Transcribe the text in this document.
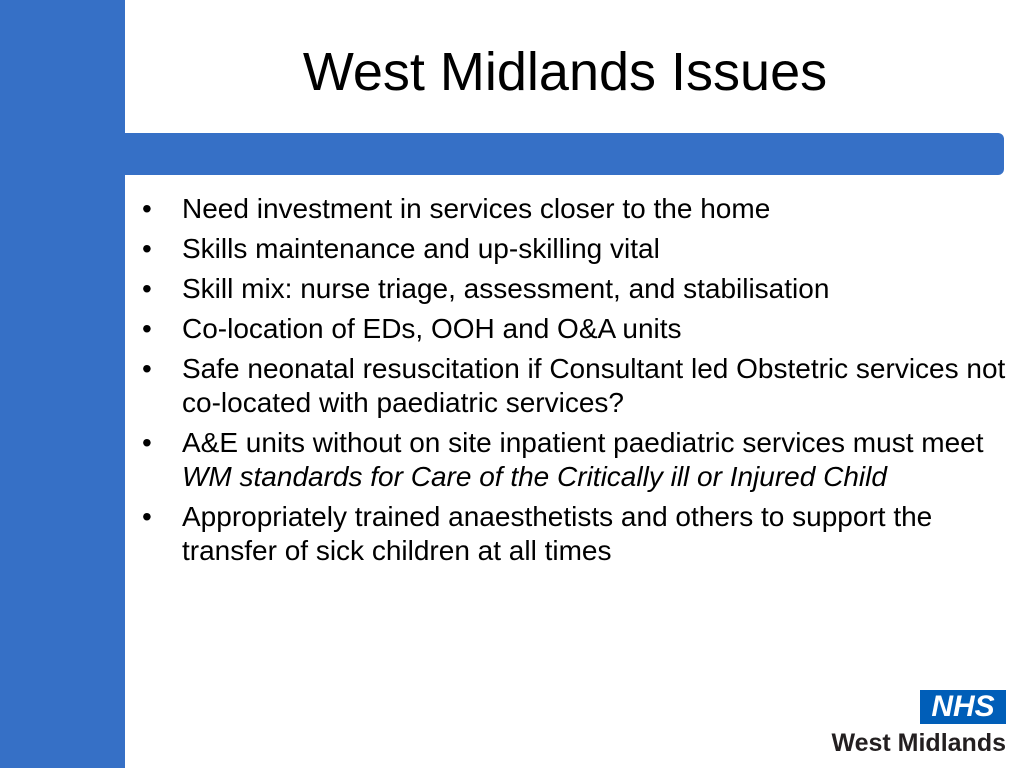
West Midlands Issues
• Need investment in services closer to the home
• Skills maintenance and up-skilling vital
• Skill mix: nurse triage, assessment, and stabilisation
• Co-location of EDs, OOH and O&A units
• Safe neonatal resuscitation if Consultant led Obstetric services not co-located with paediatric services?
• A&E units without on site inpatient paediatric services must meet WM standards for Care of the Critically ill or Injured Child
• Appropriately trained anaesthetists and others to support the transfer of sick children at all times
NHS
West Midlands
